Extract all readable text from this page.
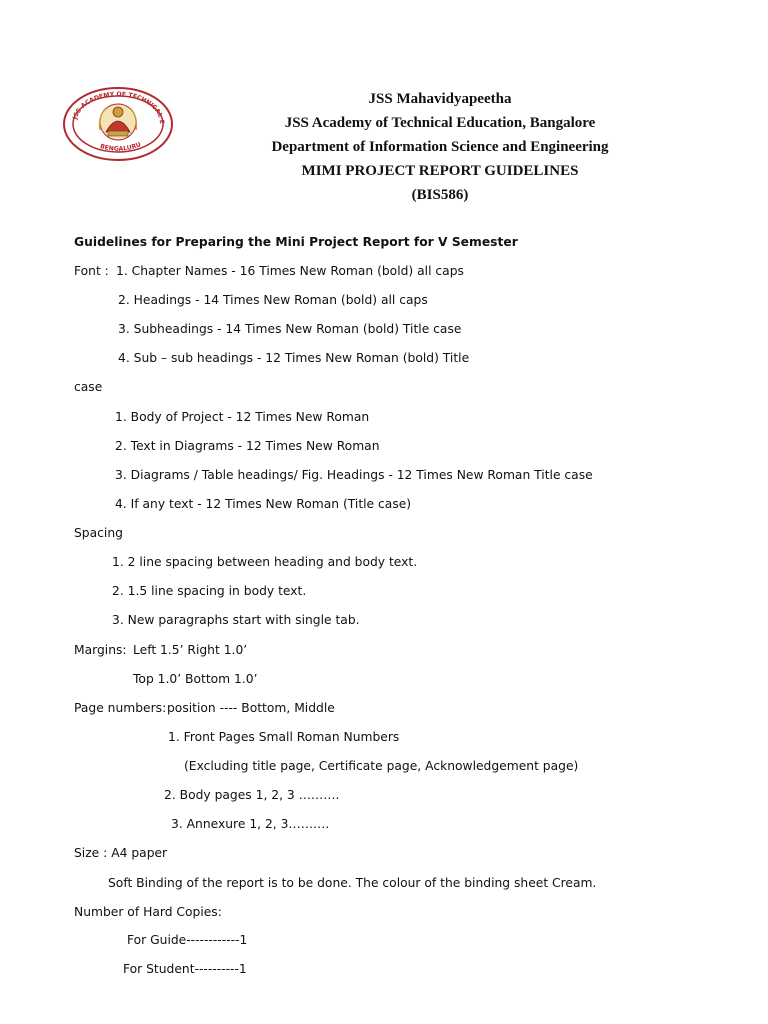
JSS ACADEMY OF TECHNICAL E
BENGALURU
JSS Mahavidyapeetha
JSS Academy of Technical Education, Bangalore
Department of Information Science and Engineering
MIMI PROJECT REPORT GUIDELINES
(BIS586)
Guidelines for Preparing the Mini Project Report for V Semester
Font : 1. Chapter Names - 16 Times New Roman (bold) all caps
2. Headings - 14 Times New Roman (bold) all caps
3. Subheadings - 14 Times New Roman (bold) Title case
4. Sub – sub headings - 12 Times New Roman (bold) Title
case
1. Body of Project - 12 Times New Roman
2. Text in Diagrams - 12 Times New Roman
3. Diagrams / Table headings/ Fig. Headings - 12 Times New Roman Title case
4. If any text - 12 Times New Roman (Title case)
Spacing
1. 2 line spacing between heading and body text.
2. 1.5 line spacing in body text.
3. New paragraphs start with single tab.
Margins: Left 1.5’ Right 1.0’
Top 1.0’ Bottom 1.0’
Page numbers: position ---- Bottom, Middle
1. Front Pages Small Roman Numbers
(Excluding title page, Certificate page, Acknowledgement page)
2. Body pages 1, 2, 3 ……….
3. Annexure 1, 2, 3……….
Size : A4 paper
Soft Binding of the report is to be done. The colour of the binding sheet Cream.
Number of Hard Copies:
For Guide------------1
For Student----------1
